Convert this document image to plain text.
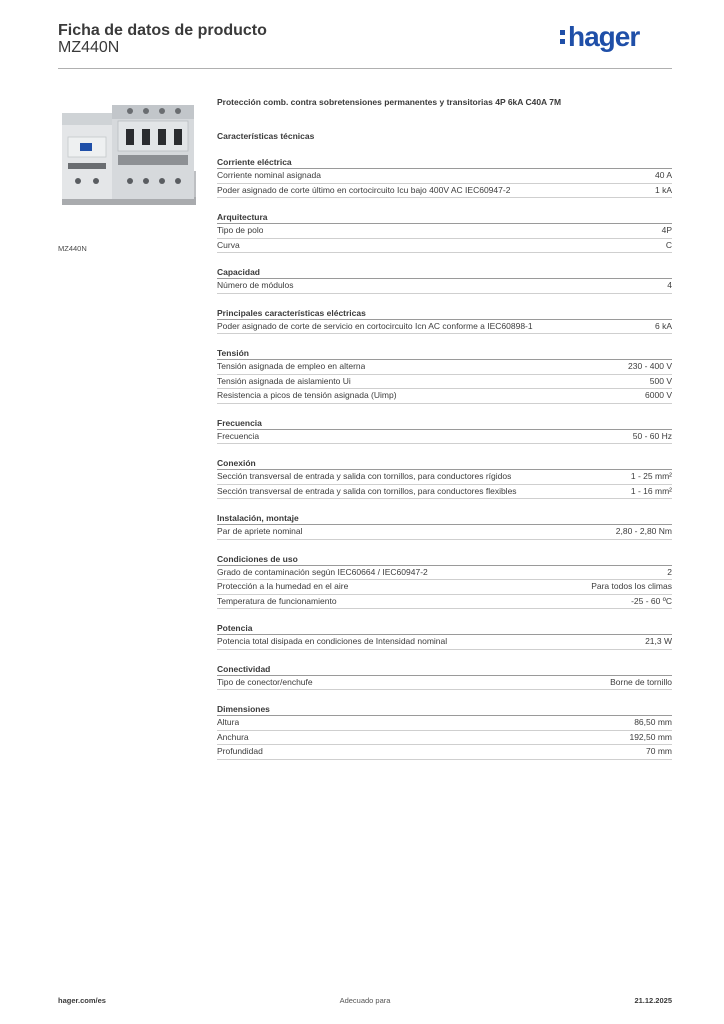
Ficha de datos de producto
MZ440N	hager
MZ440N
Protección comb. contra sobretensiones permanentes y transitorias 4P 6kA C40A 7M
Características técnicas
Corriente eléctrica
Corriente nominal asignada	40 A
Poder asignado de corte último en cortocircuito Icu bajo 400V AC IEC60947-2	1 kA
Arquitectura
Tipo de polo	4P
Curva	C
Capacidad
Número de módulos	4
Principales características eléctricas
Poder asignado de corte de servicio en cortocircuito Icn AC conforme a IEC60898-1	6 kA
Tensión
Tensión asignada de empleo en alterna	230 - 400 V
Tensión asignada de aislamiento Ui	500 V
Resistencia a picos de tensión asignada (Uimp)	6000 V
Frecuencia
Frecuencia	50 - 60 Hz
Conexión
Sección transversal de entrada y salida con tornillos, para conductores rígidos	1 - 25 mm²
Sección transversal de entrada y salida con tornillos, para conductores flexibles	1 - 16 mm²
Instalación, montaje
Par de apriete nominal	2,80 - 2,80 Nm
Condiciones de uso
Grado de contaminación según IEC60664 / IEC60947-2	2
Protección a la humedad en el aire	Para todos los climas
Temperatura de funcionamiento	-25 - 60 ºC
Potencia
Potencia total disipada en condiciones de Intensidad nominal	21,3 W
Conectividad
Tipo de conector/enchufe	Borne de tornillo
Dimensiones
Altura	86,50 mm
Anchura	192,50 mm
Profundidad	70 mm
hager.com/es	Adecuado para	21.12.2025
